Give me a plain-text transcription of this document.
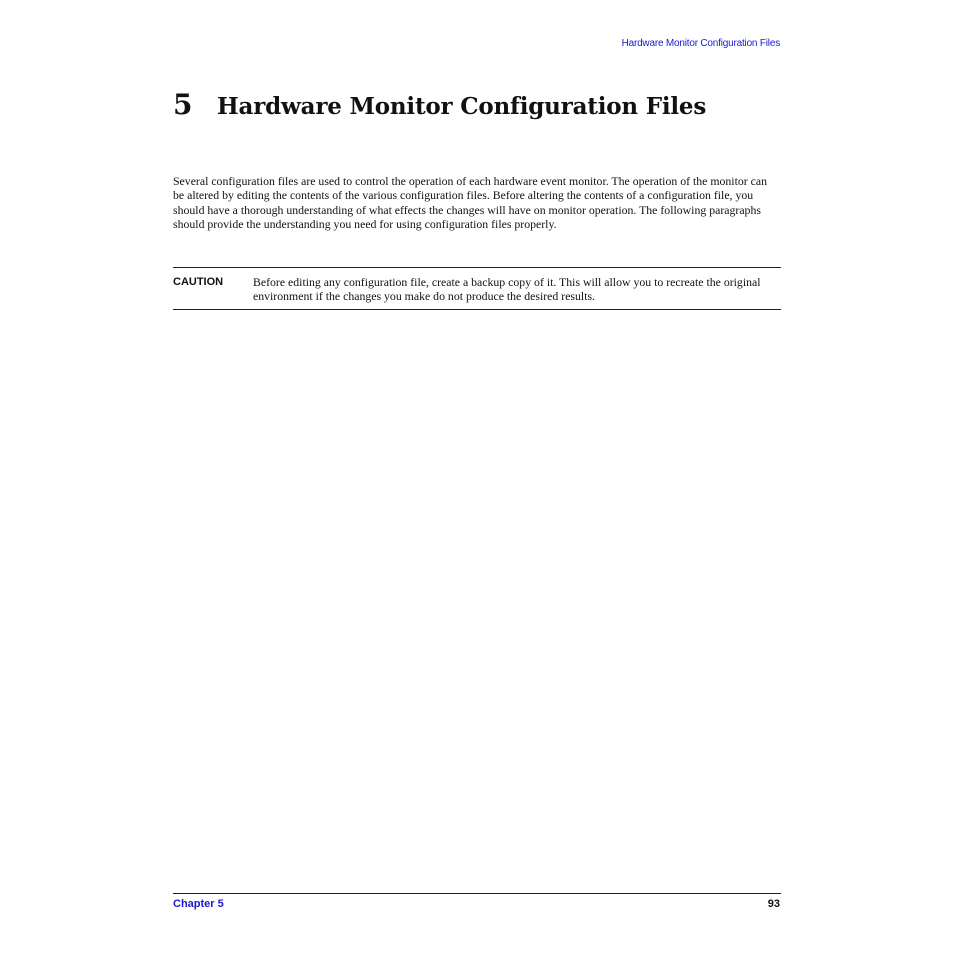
Hardware Monitor Configuration Files
5	Hardware Monitor Configuration Files

Several configuration files are used to control the operation of each hardware event monitor. The operation of the monitor can be altered by editing the contents of the various configuration files. Before altering the contents of a configuration file, you should have a thorough understanding of what effects the changes will have on monitor operation. The following paragraphs should provide the understanding you need for using configuration files properly.

CAUTION	Before editing any configuration file, create a backup copy of it. This will allow you to recreate the original environment if the changes you make do not produce the desired results.

Chapter 5	93
